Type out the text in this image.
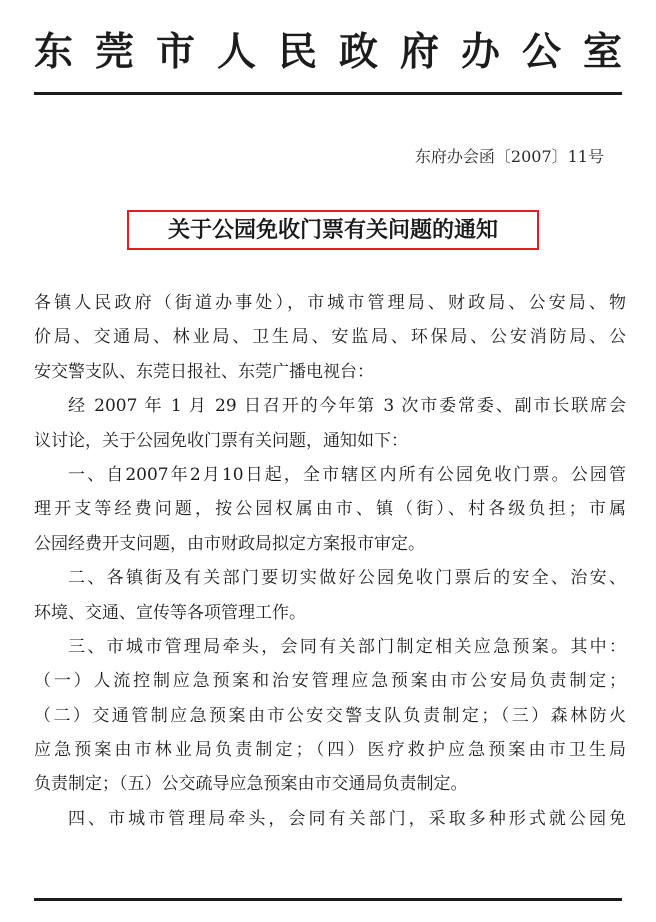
东莞市人民政府办公室
东府办会函〔2007〕11号
关于公园免收门票有关问题的通知
各镇人民政府（街道办事处），市城市管理局、财政局、公安局、物
价局、交通局、林业局、卫生局、安监局、环保局、公安消防局、公
安交警支队、东莞日报社、东莞广播电视台：
经 2007 年 1 月 29 日召开的今年第 3 次市委常委、副市长联席会
议讨论，关于公园免收门票有关问题，通知如下：
一、自2007年2月10日起，全市辖区内所有公园免收门票。公园管
理开支等经费问题，按公园权属由市、镇（街）、村各级负担；市属
公园经费开支问题，由市财政局拟定方案报市审定。
二、各镇街及有关部门要切实做好公园免收门票后的安全、治安、
环境、交通、宣传等各项管理工作。
三、市城市管理局牵头，会同有关部门制定相关应急预案。其中：
（一）人流控制应急预案和治安管理应急预案由市公安局负责制定；
（二）交通管制应急预案由市公安交警支队负责制定；（三）森林防火
应急预案由市林业局负责制定；（四）医疗救护应急预案由市卫生局
负责制定；（五）公交疏导应急预案由市交通局负责制定。
四、市城市管理局牵头，会同有关部门，采取多种形式就公园免
